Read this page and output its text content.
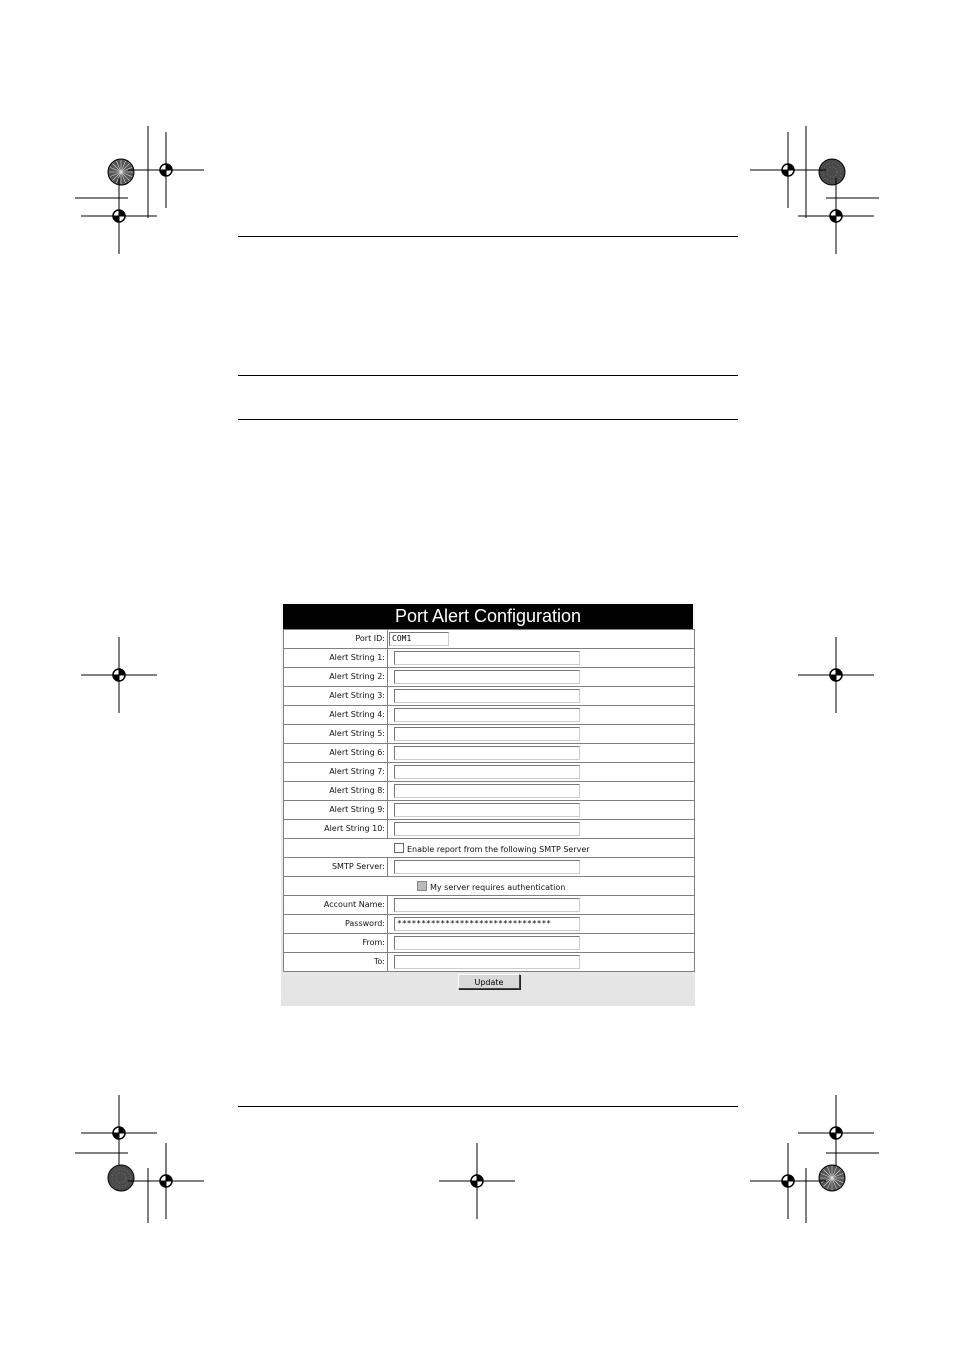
Port Alert Configuration
Port ID: COM1
Alert String 1:
Alert String 2:
Alert String 3:
Alert String 4:
Alert String 5:
Alert String 6:
Alert String 7:
Alert String 8:
Alert String 9:
Alert String 10:
Enable report from the following SMTP Server
SMTP Server:
My server requires authentication
Account Name:
Password:	********************************
From:
To:
Update
